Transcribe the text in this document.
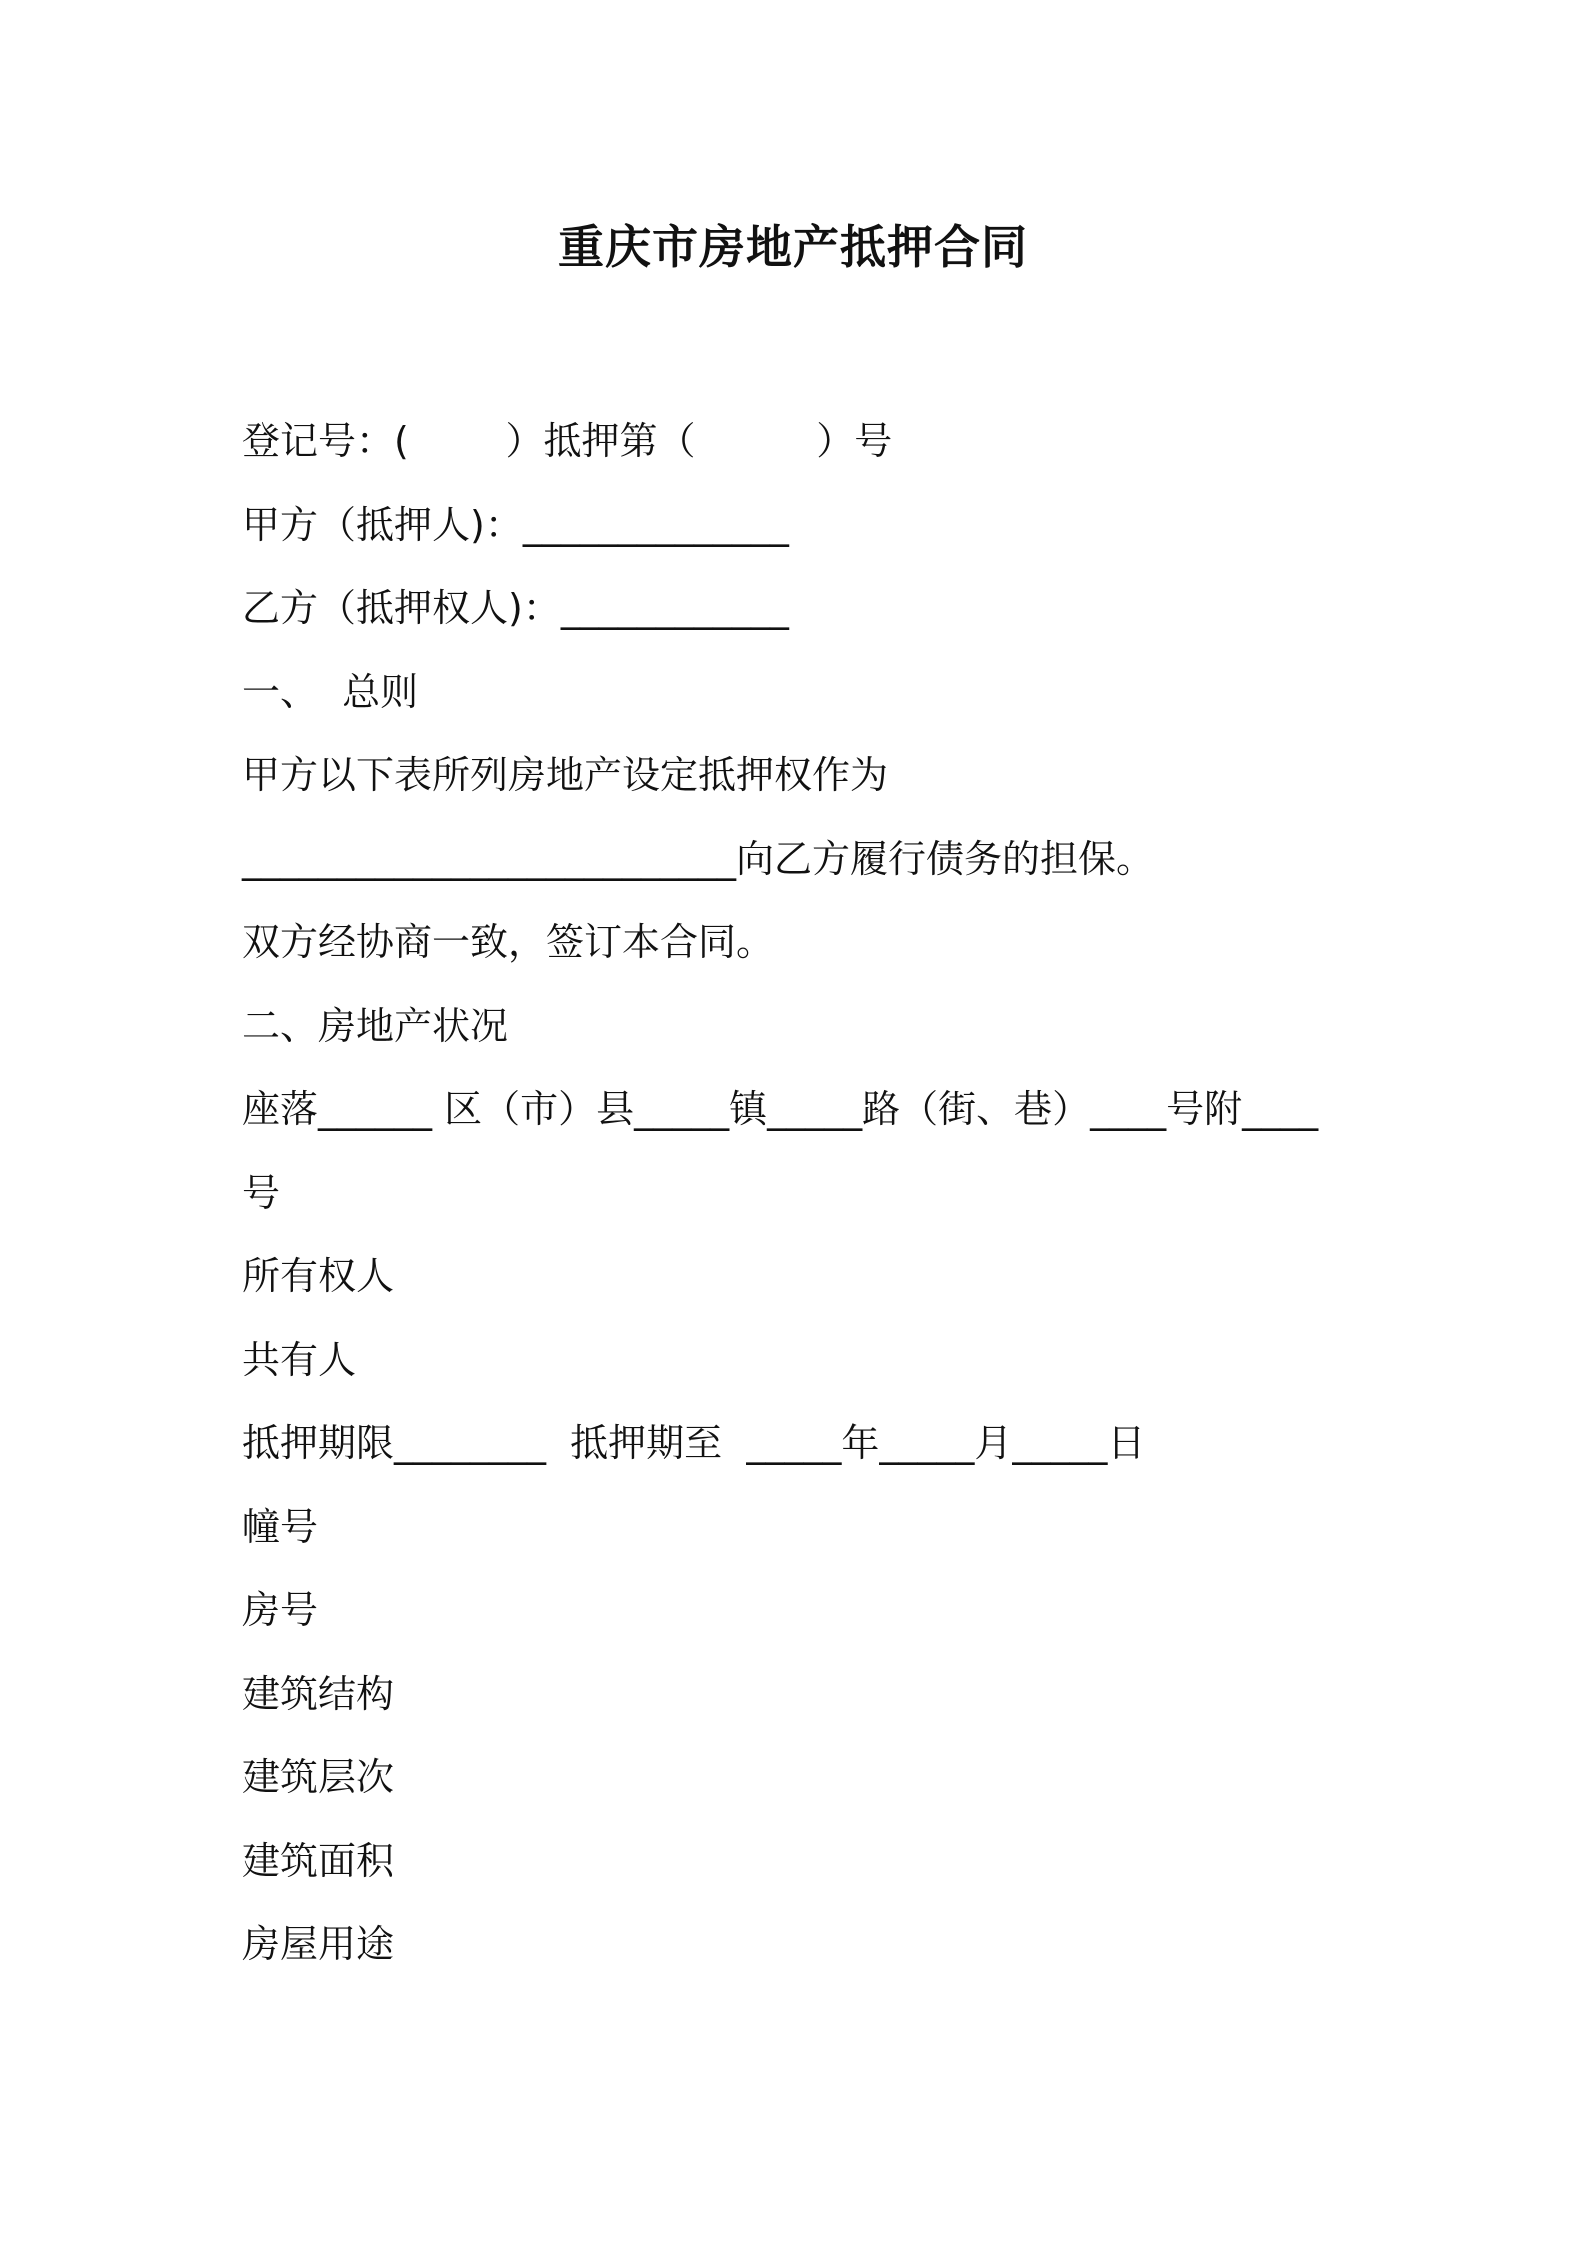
重庆市房地产抵押合同

登记号：(        ）抵押第（          ）号

甲方（抵押人)：______________

乙方（抵押权人)：____________

一、  总则

甲方以下表所列房地产设定抵押权作为

__________________________向乙方履行债务的担保。

双方经协商一致，签订本合同。

二、房地产状况

座落______ 区（市）县_____镇_____路（街、巷）____号附____

号

所有权人

共有人

抵押期限________  抵押期至  _____年_____月_____日

幢号

房号

建筑结构

建筑层次

建筑面积

房屋用途
